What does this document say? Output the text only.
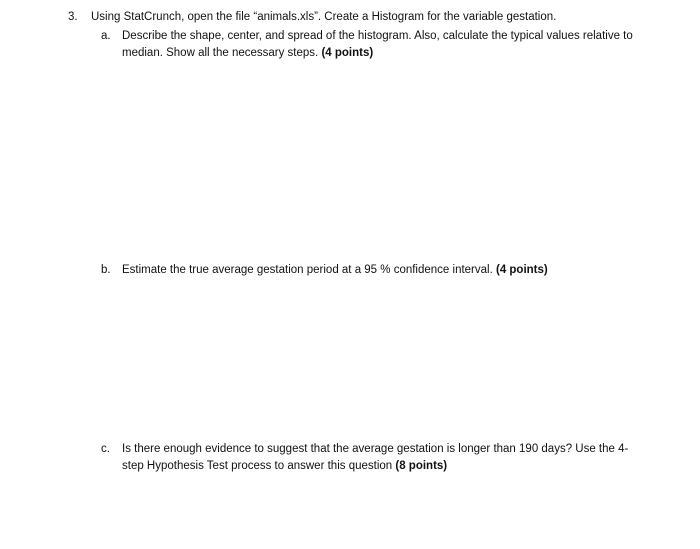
3. Using StatCrunch, open the file “animals.xls”. Create a Histogram for the variable gestation.
a. Describe the shape, center, and spread of the histogram. Also, calculate the typical values relative to median. Show all the necessary steps. (4 points)
b. Estimate the true average gestation period at a 95 % confidence interval. (4 points)
c. Is there enough evidence to suggest that the average gestation is longer than 190 days? Use the 4-step Hypothesis Test process to answer this question (8 points)
